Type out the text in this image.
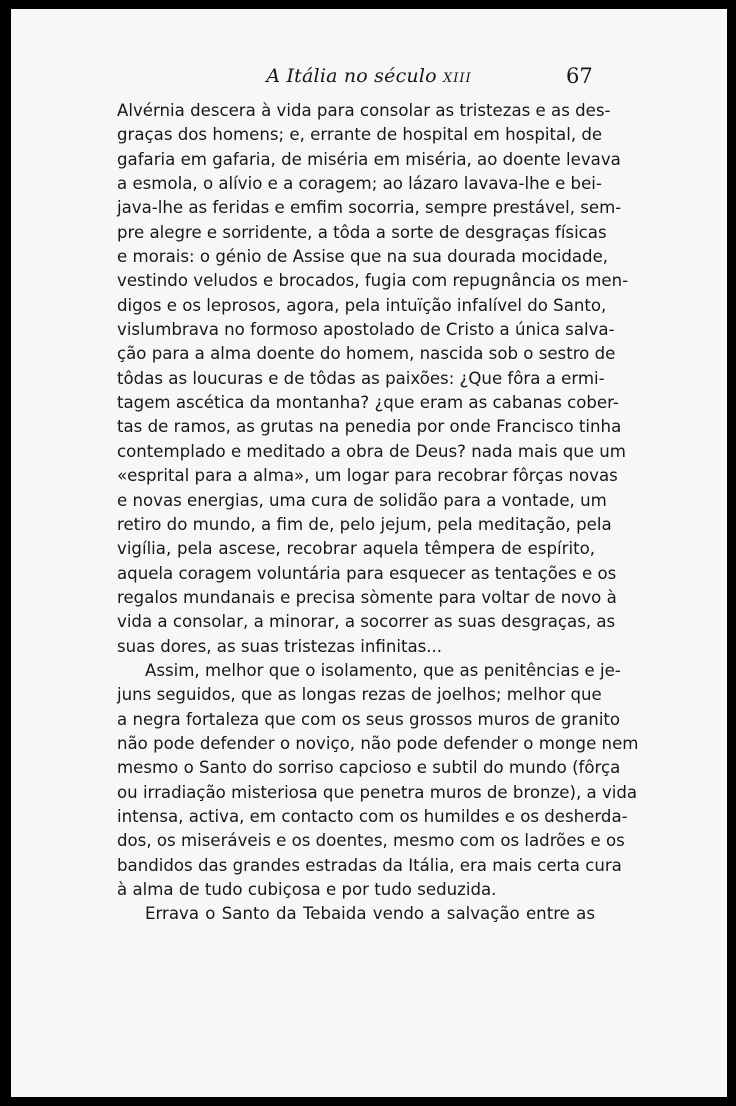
A Itália no século XIII	67
Alvérnia descera à vida para consolar as tristezas e as des-
graças dos homens; e, errante de hospital em hospital, de
gafaria em gafaria, de miséria em miséria, ao doente levava
a esmola, o alívio e a coragem; ao lázaro lavava-lhe e bei-
java-lhe as feridas e emfim socorria, sempre prestável, sem-
pre alegre e sorridente, a tôda a sorte de desgraças físicas
e morais: o génio de Assise que na sua dourada mocidade,
vestindo veludos e brocados, fugia com repugnância os men-
digos e os leprosos, agora, pela intuïção infalível do Santo,
vislumbrava no formoso apostolado de Cristo a única salva-
ção para a alma doente do homem, nascida sob o sestro de
tôdas as loucuras e de tôdas as paixões: ¿Que fôra a ermi-
tagem ascética da montanha? ¿que eram as cabanas cober-
tas de ramos, as grutas na penedia por onde Francisco tinha
contemplado e meditado a obra de Deus? nada mais que um
«esprital para a alma», um logar para recobrar fôrças novas
e novas energias, uma cura de solidão para a vontade, um
retiro do mundo, a fim de, pelo jejum, pela meditação, pela
vigília, pela ascese, recobrar aquela têmpera de espírito,
aquela coragem voluntária para esquecer as tentações e os
regalos mundanais e precisa sòmente para voltar de novo à
vida a consolar, a minorar, a socorrer as suas desgraças, as
suas dores, as suas tristezas infinitas...
Assim, melhor que o isolamento, que as penitências e je-
juns seguidos, que as longas rezas de joelhos; melhor que
a negra fortaleza que com os seus grossos muros de granito
não pode defender o noviço, não pode defender o monge nem
mesmo o Santo do sorriso capcioso e subtil do mundo (fôrça
ou irradiação misteriosa que penetra muros de bronze), a vida
intensa, activa, em contacto com os humildes e os desherda-
dos, os miseráveis e os doentes, mesmo com os ladrões e os
bandidos das grandes estradas da Itália, era mais certa cura
à alma de tudo cubiçosa e por tudo seduzida.
Errava o Santo da Tebaida vendo a salvação entre as
